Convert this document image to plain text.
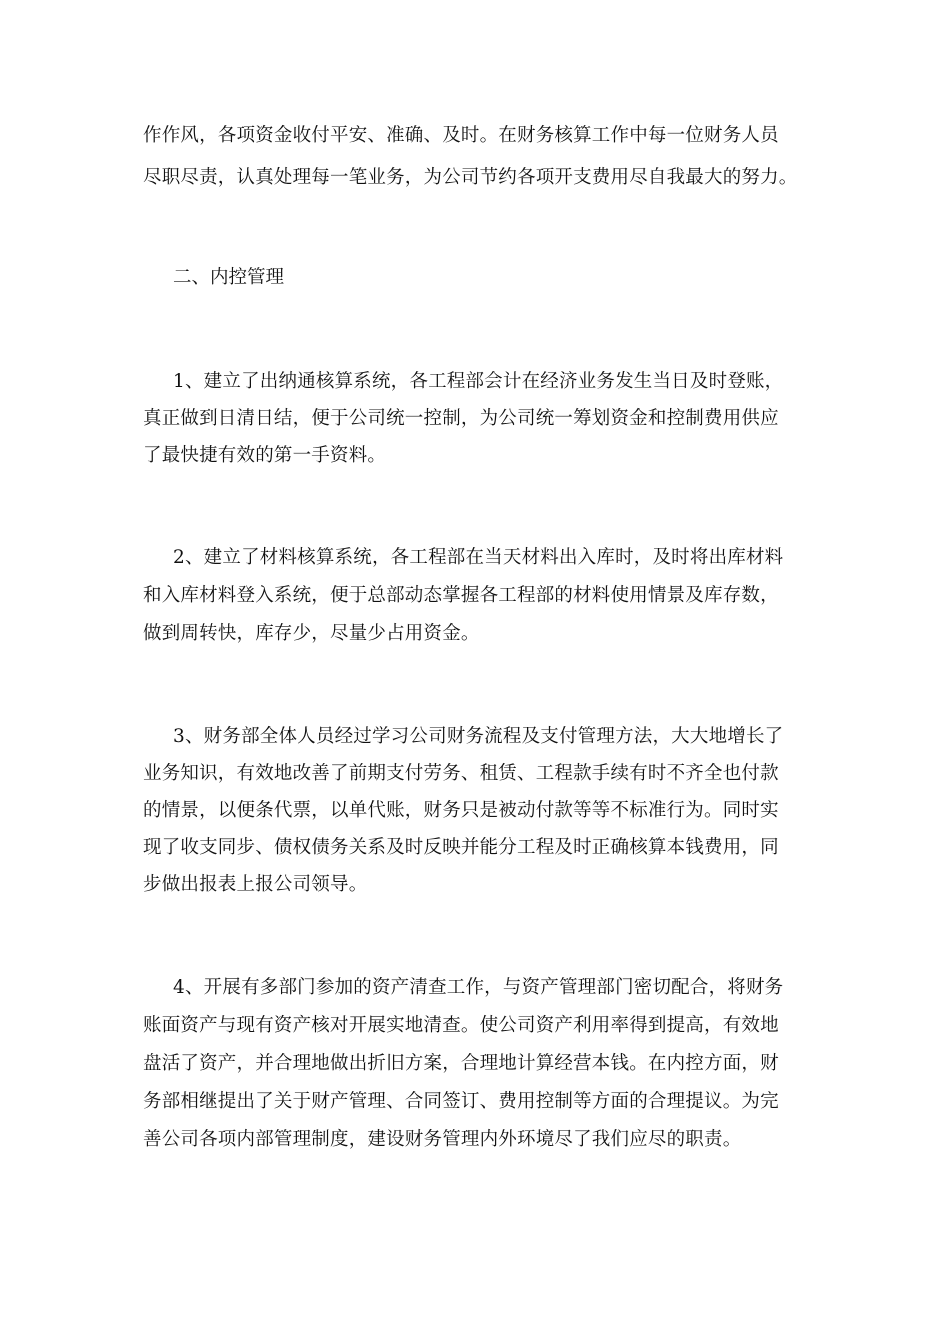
作作风，各项资金收付平安、准确、及时。在财务核算工作中每一位财务人员
尽职尽责，认真处理每一笔业务，为公司节约各项开支费用尽自我最大的努力。
二、内控管理
1、建立了出纳通核算系统，各工程部会计在经济业务发生当日及时登账，
真正做到日清日结，便于公司统一控制，为公司统一筹划资金和控制费用供应
了最快捷有效的第一手资料。
2、建立了材料核算系统，各工程部在当天材料出入库时，及时将出库材料
和入库材料登入系统，便于总部动态掌握各工程部的材料使用情景及库存数，
做到周转快，库存少，尽量少占用资金。
3、财务部全体人员经过学习公司财务流程及支付管理方法，大大地增长了
业务知识，有效地改善了前期支付劳务、租赁、工程款手续有时不齐全也付款
的情景，以便条代票，以单代账，财务只是被动付款等等不标准行为。同时实
现了收支同步、债权债务关系及时反映并能分工程及时正确核算本钱费用，同
步做出报表上报公司领导。
4、开展有多部门参加的资产清查工作，与资产管理部门密切配合，将财务
账面资产与现有资产核对开展实地清查。使公司资产利用率得到提高，有效地
盘活了资产，并合理地做出折旧方案，合理地计算经营本钱。在内控方面，财
务部相继提出了关于财产管理、合同签订、费用控制等方面的合理提议。为完
善公司各项内部管理制度，建设财务管理内外环境尽了我们应尽的职责。
